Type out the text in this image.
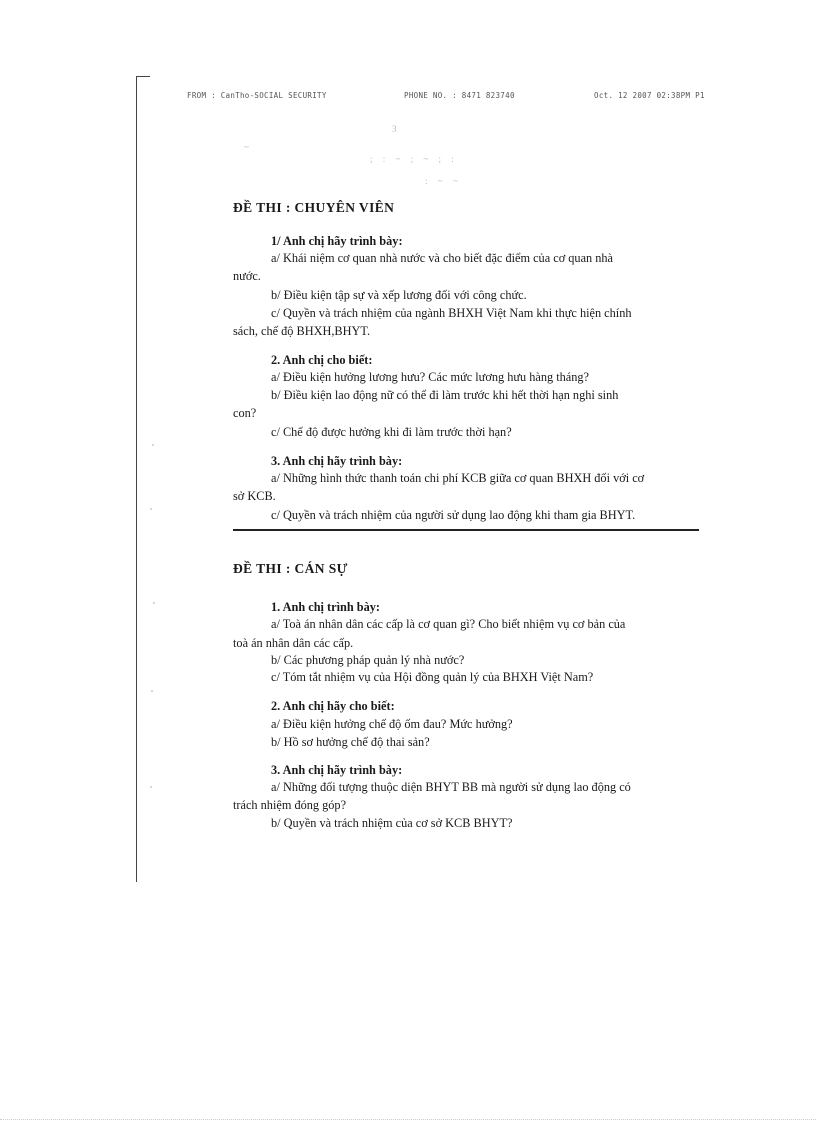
FROM : CanTho-SOCIAL SECURITY	PHONE NO. : 8471 823740	Oct. 12 2007 02:38PM P1
3
~
; : ~ ; ~ ; :
: ~ ~
ĐỀ THI : CHUYÊN VIÊN
1/ Anh chị hãy trình bày:
a/ Khái niệm cơ quan nhà nước và cho biết đặc điểm của cơ quan nhà
nước.
b/ Điều kiện tập sự và xếp lương đối với công chức.
c/ Quyền và trách nhiệm của ngành BHXH Việt Nam khi thực hiện chính
sách, chế độ BHXH,BHYT.
2. Anh chị cho biết:
a/ Điều kiện hưởng lương hưu? Các mức lương hưu hàng tháng?
b/ Điều kiện lao động nữ có thể đi làm trước khi hết thời hạn nghỉ sinh
con?
c/ Chế độ được hưởng khi đi làm trước thời hạn?
3. Anh chị hãy trình bày:
a/ Những hình thức thanh toán chi phí KCB giữa cơ quan BHXH đối với cơ
sở KCB.
c/ Quyền và trách nhiệm của người sử dụng lao động khi tham gia BHYT.
ĐỀ THI : CÁN SỰ
1. Anh chị trình bày:
a/ Toà án nhân dân các cấp là cơ quan gì? Cho biết nhiệm vụ cơ bản của
toà án nhân dân các cấp.
b/ Các phương pháp quản lý nhà nước?
c/ Tóm tắt nhiệm vụ của Hội đồng quản lý của BHXH Việt Nam?
2. Anh chị hãy cho biết:
a/ Điều kiện hưởng chế độ ốm đau? Mức hưởng?
b/ Hồ sơ hưởng chế độ thai sản?
3. Anh chị hãy trình bày:
a/ Những đối tượng thuộc diện BHYT BB mà người sử dụng lao động có
trách nhiệm đóng góp?
b/ Quyền và trách nhiệm của cơ sở KCB BHYT?
